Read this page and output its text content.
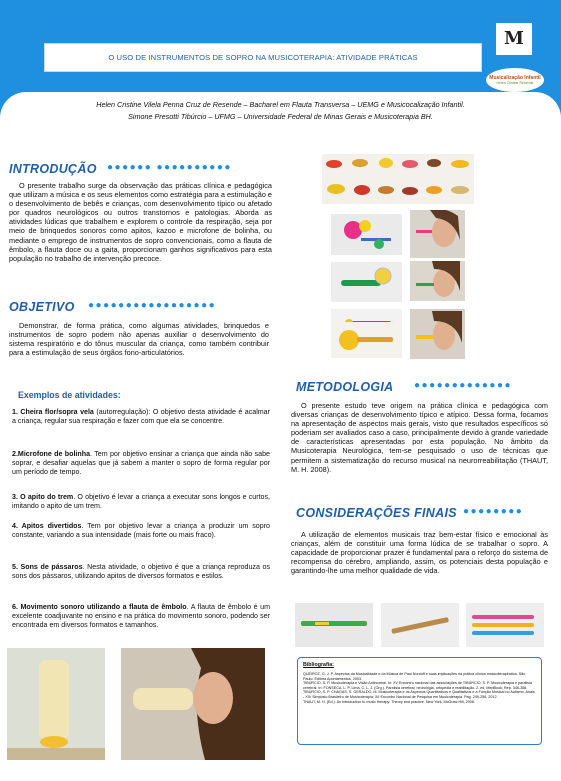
O USO DE INSTRUMENTOS DE SOPRO NA MUSICOTERAPIA: ATIVIDADE PRÁTICAS
M
Musicalização Infantil
Helen Cristine Resende
Helen Cristine Vilela Penna Cruz de Resende – Bacharel em Flauta Transversa – UEMG e Musicocalização Infantil.
Simone Presotti Tibúrcio – UFMG – Universidade Federal de Minas Gerais e Musicoterapia BH.
INTRODUÇÃO ●●●●●● ●●●●●●●●●●
O presente trabalho surge da observação das práticas clínica e pedagógica que utilizam a música e os seus elementos como estratégia para a estimulação e o desenvolvimento de bebês e crianças, com desenvolvimento típico ou afetado por quadros neurológicos ou outros transtornos e patologias. Aborda as atividades lúdicas que trabalhem e explorem o controle da respiração, seja por meio de brinquedos sonoros como apitos, kazoo e microfone de bolinha, ou mediante o emprego de instrumentos de sopro convencionais, como a flauta de êmbolo, a flauta doce ou a gaita, proporcionam ganhos significativos para esta população no trabalho de intervenção precoce.
OBJETIVO ●●●●●●●●●●●●●●●●●
Demonstrar, de forma prática, como algumas atividades, brinquedos e instrumentos de sopro podem não apenas auxiliar o desenvolvimento do sistema respiratório e do tônus muscular da criança, como também contribuir para a estimulação de seus órgãos fono-articulatórios.
Exemplos de atividades:
1. Cheira flor/sopra vela (autorregulação): O objetivo desta atividade é acalmar a criança, regular sua respiração e fazer com que ela se concentre.
2.Microfone de bolinha. Tem por objetivo ensinar a criança que ainda não sabe soprar, e desafiar aquelas que já sabem a manter o sopro de forma regular por um período de tempo.
3. O apito do trem. O objetivo é levar a criança a executar sons longos e curtos, imitando o apito de um trem.
4. Apitos divertidos. Tem por objetivo levar a criança a produzir um sopro constante, variando a sua intensidade (mais forte ou mais fraco).
5. Sons de pássaros. Nesta atividade, o objetivo é que a criança reproduza os sons dos pássaros, utilizando apitos de diversos formatos e estilos.
6. Movimento sonoro utilizando a flauta de êmbolo. A flauta de êmbolo é um excelente coadjuvante no ensino e na prática do movimento sonoro, podendo ser encontrada em diversos formatos e tamanhos.
METODOLOGIA ●●●●●●●●●●●●●
O presente estudo teve origem na prática clínica e pedagógica com diversas crianças de desenvolvimento típico e atípico. Dessa forma, focamos na apresentação de aspectos mais gerais, visto que resultados específicos só poderiam ser avaliados caso a caso, principalmente devido à grande variedade de características apresentadas por esta população. No âmbito da Musicoterapia Neurológica, tem-se pesquisado o uso de técnicas que permitem a sistematização do recurso musical na neurorreabilitação (THAUT, M. H. 2008).
CONSIDERAÇÕES FINAIS ●●●●●●●●
A utilização de elementos musicais traz bem-estar físico e emocional às crianças, além de constituir uma forma lúdica de se trabalhar o sopro. A capacidade de proporcionar prazer é fundamental para o reforço do sistema de recompensa do cérebro, ampliando, assim, os potenciais desta população e garantindo-lhe uma melhor qualidade de vida.
Bibliografia:
QUEIROZ, G. J. P. Aspectos da Musicalidade e da Música de Paul Nordoff e suas implicações na prática clínica musicoterapêutica. São Paulo: Editora Apontamentos, 2003.
TIBÚRCIO, S. P. Musicoterapia e Visão Antinormal. In: XV Encontro nacional das associações de TIBÚRCIO, S. P. Musicoterapia e paralisia cerebral. In: FONSECA, L. P. Lima, C. L. J. (Org.). Paralisia cerebral, neurologia, ortopedia e reabilitação. 2. ed. MedBook; Rep. 346-358.
TIBÚRCIO, S. P. CHAGAS, S. GERALDO, M. Musicoterapia e os Aspectos Quantitativos e Qualitativos e a Função Musical no Autismo. Anais - XIV Simpósio Brasileiro de Musicoterapia; XII Encontro Nacional de Pesquisa em Musicoterapia. Pag. 249-256, 2012.
THAUT, M. H. (Ed.). An introduction to music therapy: Theory and practice. New York: McGraw-Hill, 2008.
